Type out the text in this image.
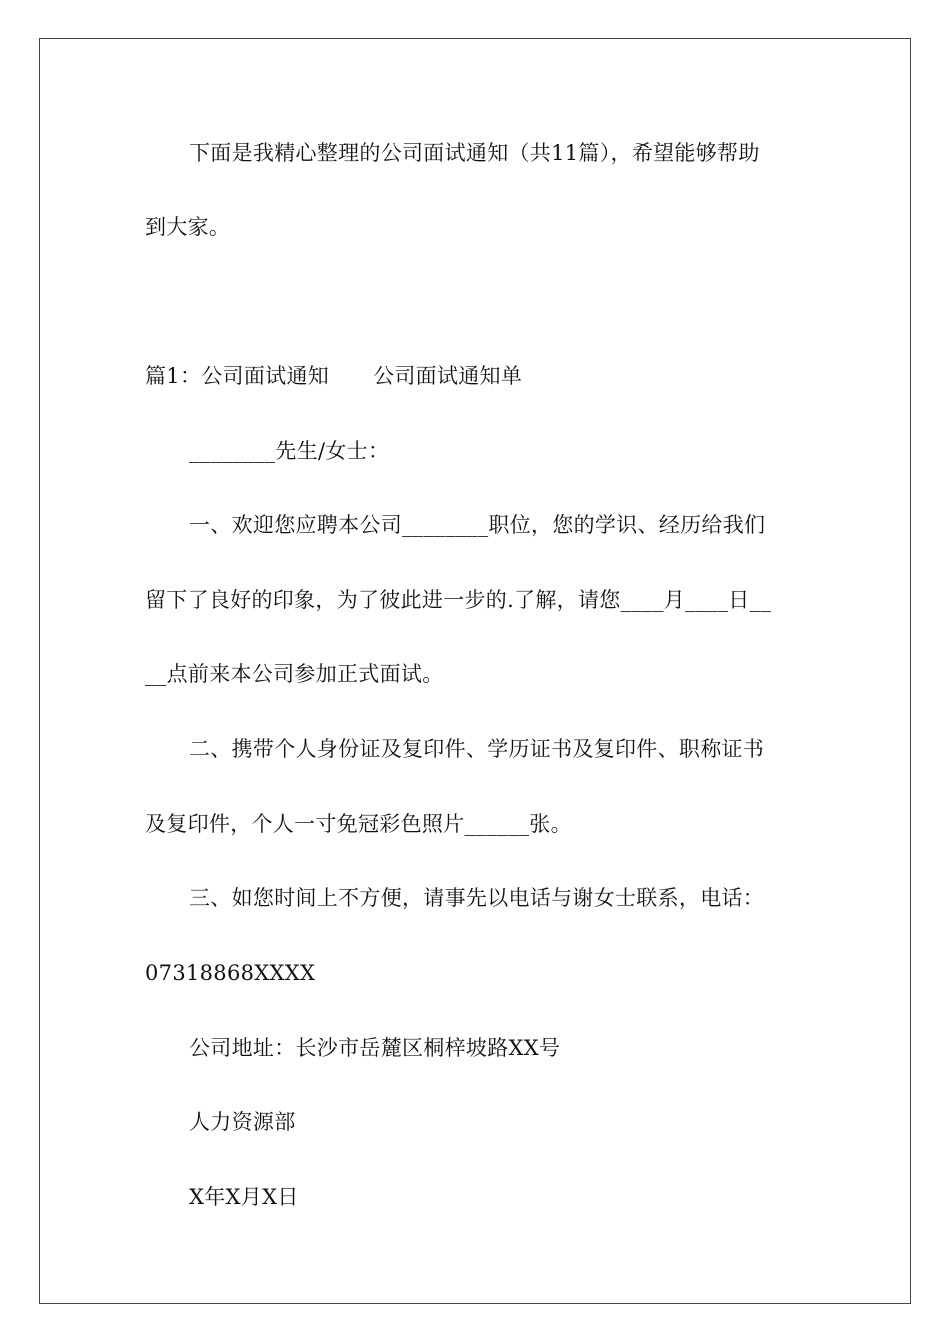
下面是我精心整理的公司面试通知（共11篇），希望能够帮助
到大家。
篇1：公司面试通知 公司面试通知单
________先生/女士：
一、欢迎您应聘本公司________职位，您的学识、经历给我们
留下了良好的印象，为了彼此进一步的.了解，请您____月____日__
__点前来本公司参加正式面试。
二、携带个人身份证及复印件、学历证书及复印件、职称证书
及复印件，个人一寸免冠彩色照片______张。
三、如您时间上不方便，请事先以电话与谢女士联系，电话：
07318868XXXX
公司地址：长沙市岳麓区桐梓坡路XX号
人力资源部
X年X月X日
